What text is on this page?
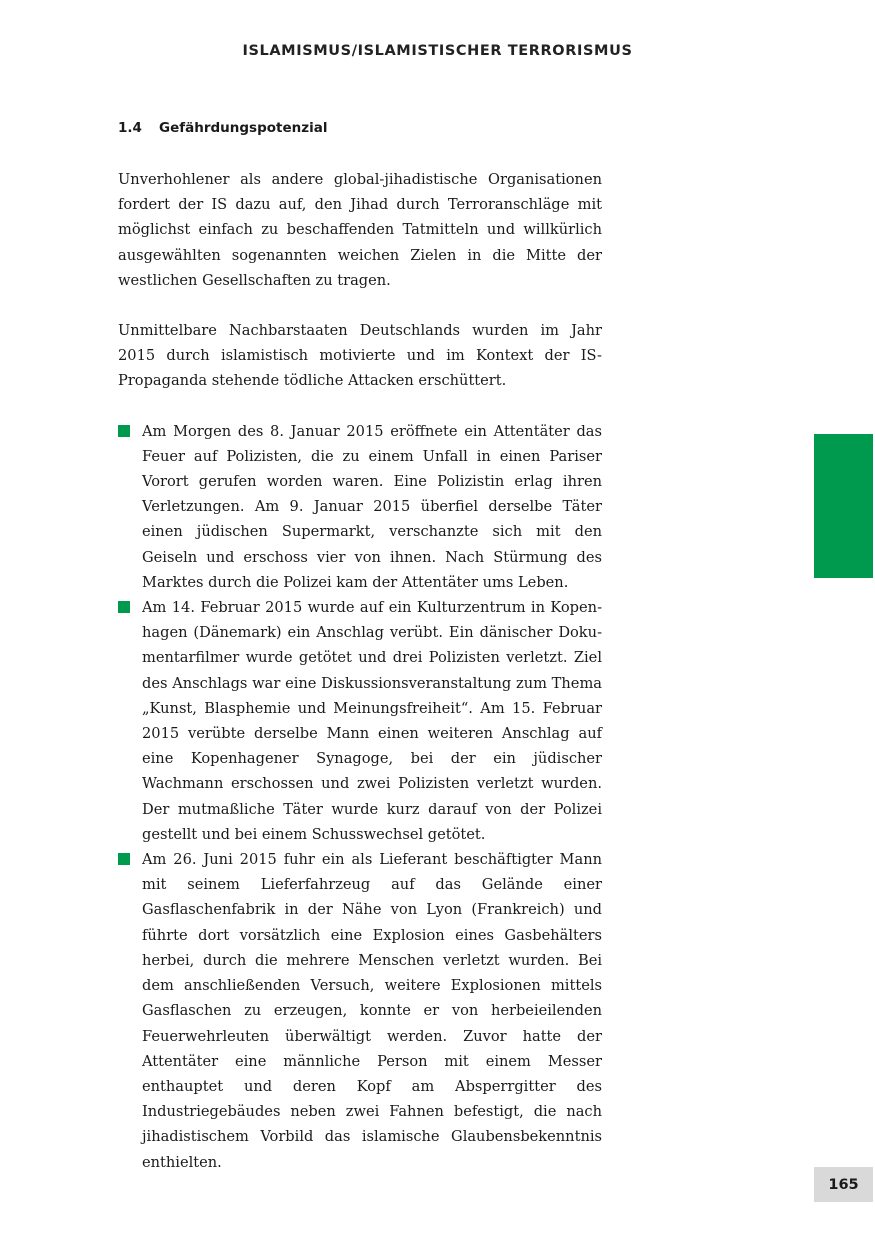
ISLAMISMUS/ISLAMISTISCHER TERRORISMUS
1.4 Gefährdungspotenzial

Unverhohlener als andere global-jihadistische Organisationen fordert der IS dazu auf, den Jihad durch Terroranschläge mit möglichst einfach zu beschaffenden Tatmitteln und willkürlich ausgewählten sogenannten weichen Zielen in die Mitte der westlichen Gesellschaften zu tragen.

Unmittelbare Nachbarstaaten Deutschlands wurden im Jahr 2015 durch islamistisch motivierte und im Kontext der IS-Propaganda stehende tödliche Attacken erschüttert.

Am Morgen des 8. Januar 2015 eröffnete ein Attentäter das Feuer auf Polizisten, die zu einem Unfall in einen Pariser Vorort gerufen worden waren. Eine Polizistin erlag ihren Verletzungen. Am 9. Januar 2015 überfiel derselbe Täter einen jüdischen Supermarkt, verschanzte sich mit den Geiseln und erschoss vier von ihnen. Nach Stürmung des Marktes durch die Polizei kam der Attentäter ums Leben.
Am 14. Februar 2015 wurde auf ein Kulturzentrum in Kopenhagen (Dänemark) ein Anschlag verübt. Ein dänischer Dokumentarfilmer wurde getötet und drei Polizisten verletzt. Ziel des Anschlags war eine Diskussionsveranstaltung zum Thema „Kunst, Blasphemie und Meinungsfreiheit“. Am 15. Februar 2015 verübte derselbe Mann einen weiteren Anschlag auf eine Kopenhagener Synagoge, bei der ein jüdischer Wachmann erschossen und zwei Polizisten verletzt wurden. Der mutmaßliche Täter wurde kurz darauf von der Polizei gestellt und bei einem Schusswechsel getötet.
Am 26. Juni 2015 fuhr ein als Lieferant beschäftigter Mann mit seinem Lieferfahrzeug auf das Gelände einer Gasflaschenfabrik in der Nähe von Lyon (Frankreich) und führte dort vorsätzlich eine Explosion eines Gasbehälters herbei, durch die mehrere Menschen verletzt wurden. Bei dem anschließenden Versuch, weitere Explosionen mittels Gasflaschen zu erzeugen, konnte er von herbeieilenden Feuerwehrleuten überwältigt werden. Zuvor hatte der Attentäter eine männliche Person mit einem Messer enthauptet und deren Kopf am Absperrgitter des Industriegebäudes neben zwei Fahnen befestigt, die nach jihadistischem Vorbild das islamische Glaubensbekenntnis enthielten.
165
